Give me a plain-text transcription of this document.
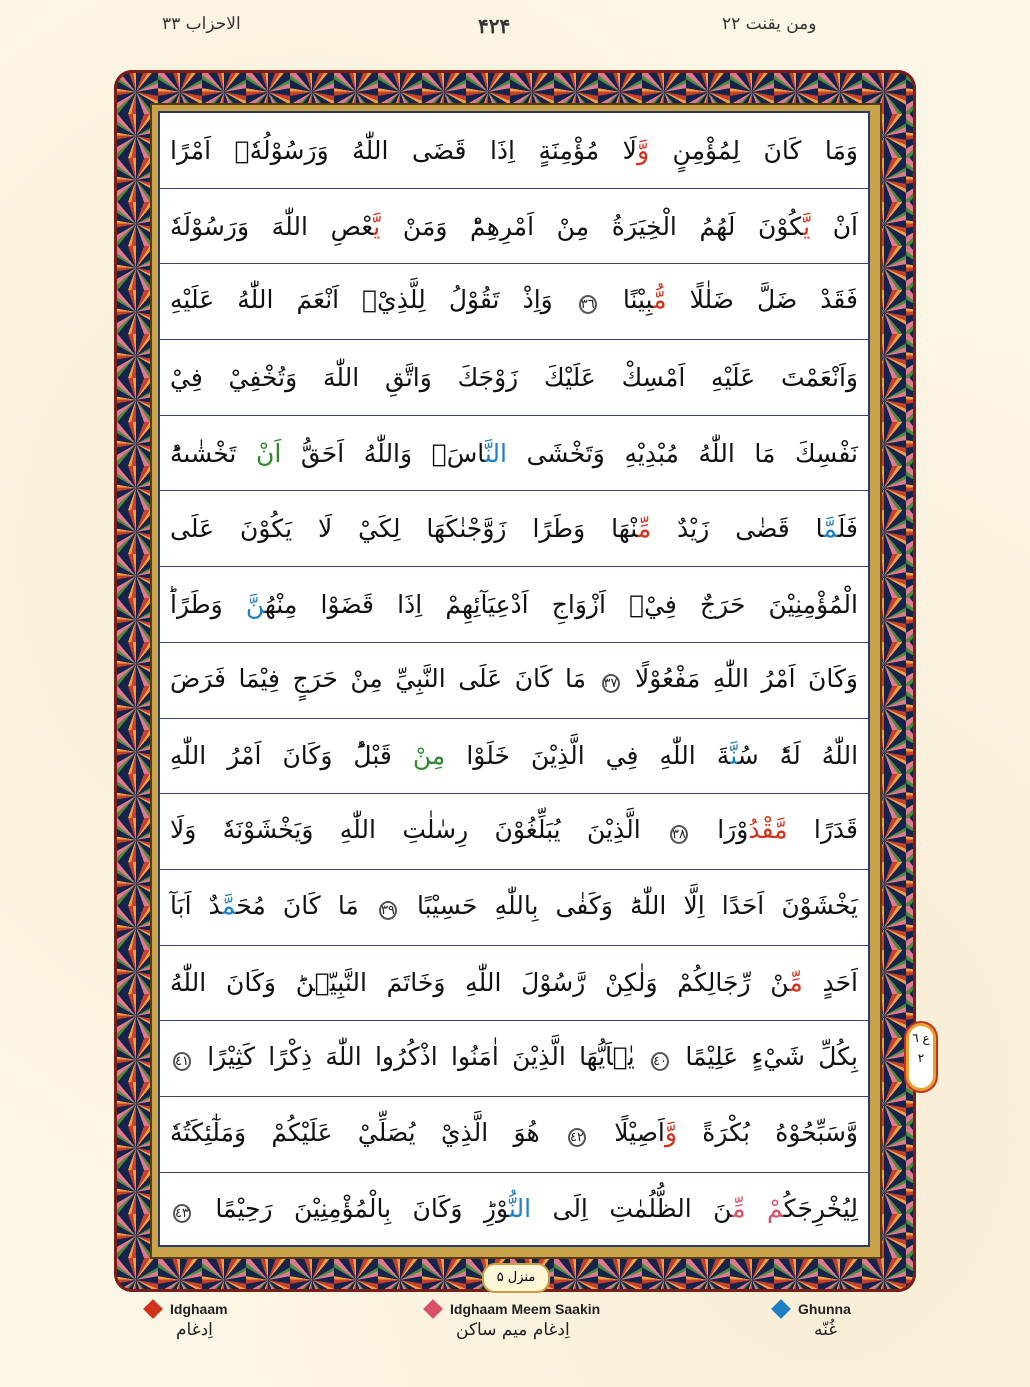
ومن يقنت ۲۲
۴۲۴
الاحزاب ۳۳
وَمَا كَانَ لِمُؤْمِنٍ وَّلَا مُؤْمِنَةٍ اِذَا قَضَى اللّٰهُ وَرَسُوْلُهٗۤ اَمْرًا
اَنْ يَّكُوْنَ لَهُمُ الْخِيَرَةُ مِنْ اَمْرِهِمْؕ وَمَنْ يَّعْصِ اللّٰهَ وَرَسُوْلَهٗ
فَقَدْ ضَلَّ ضَلٰلًا مُّبِيْنًا ٣٦ وَاِذْ تَقُوْلُ لِلَّذِيْۤ اَنْعَمَ اللّٰهُ عَلَيْهِ
وَاَنْعَمْتَ عَلَيْهِ اَمْسِكْ عَلَيْكَ زَوْجَكَ وَاتَّقِ اللّٰهَ وَتُخْفِيْ فِيْ
نَفْسِكَ مَا اللّٰهُ مُبْدِيْهِ وَتَخْشَى النَّاسَۚ وَاللّٰهُ اَحَقُّ اَنْ تَخْشٰىهُؕ
فَلَمَّا قَضٰى زَيْدٌ مِّنْهَا وَطَرًا زَوَّجْنٰكَهَا لِكَيْ لَا يَكُوْنَ عَلَى
الْمُؤْمِنِيْنَ حَرَجٌ فِيْۤ اَزْوَاجِ اَدْعِيَآئِهِمْ اِذَا قَضَوْا مِنْهُنَّ وَطَرًاؕ
وَكَانَ اَمْرُ اللّٰهِ مَفْعُوْلًا ٣٧ مَا كَانَ عَلَى النَّبِيِّ مِنْ حَرَجٍ فِيْمَا فَرَضَ
اللّٰهُ لَهٗؕ سُنَّةَ اللّٰهِ فِي الَّذِيْنَ خَلَوْا مِنْ قَبْلُؕ وَكَانَ اَمْرُ اللّٰهِ
قَدَرًا مَّقْدُوْرَا ٣٨ الَّذِيْنَ يُبَلِّغُوْنَ رِسٰلٰتِ اللّٰهِ وَيَخْشَوْنَهٗ وَلَا
يَخْشَوْنَ اَحَدًا اِلَّا اللّٰهَؕ وَكَفٰى بِاللّٰهِ حَسِيْبًا ٣٩ مَا كَانَ مُحَمَّدٌ اَبَآ
اَحَدٍ مِّنْ رِّجَالِكُمْ وَلٰكِنْ رَّسُوْلَ اللّٰهِ وَخَاتَمَ النَّبِيّٖنَؕ وَكَانَ اللّٰهُ
بِكُلِّ شَيْءٍ عَلِيْمًا ٤٠ يٰۤاَيُّهَا الَّذِيْنَ اٰمَنُوا اذْكُرُوا اللّٰهَ ذِكْرًا كَثِيْرًا ٤١
وَّسَبِّحُوْهُ بُكْرَةً وَّاَصِيْلًا ٤٢ هُوَ الَّذِيْ يُصَلِّيْ عَلَيْكُمْ وَمَلٰٓئِكَتُهٗ
لِيُخْرِجَكُمْ مِّنَ الظُّلُمٰتِ اِلَى النُّوْرِؕ وَكَانَ بِالْمُؤْمِنِيْنَ رَحِيْمًا ٤٣
منزل ۵
ع ٦ ۲
Idghaam
اِدغام
Idghaam Meem Saakin
اِدغام میم ساکن
Ghunna
غُنّه
